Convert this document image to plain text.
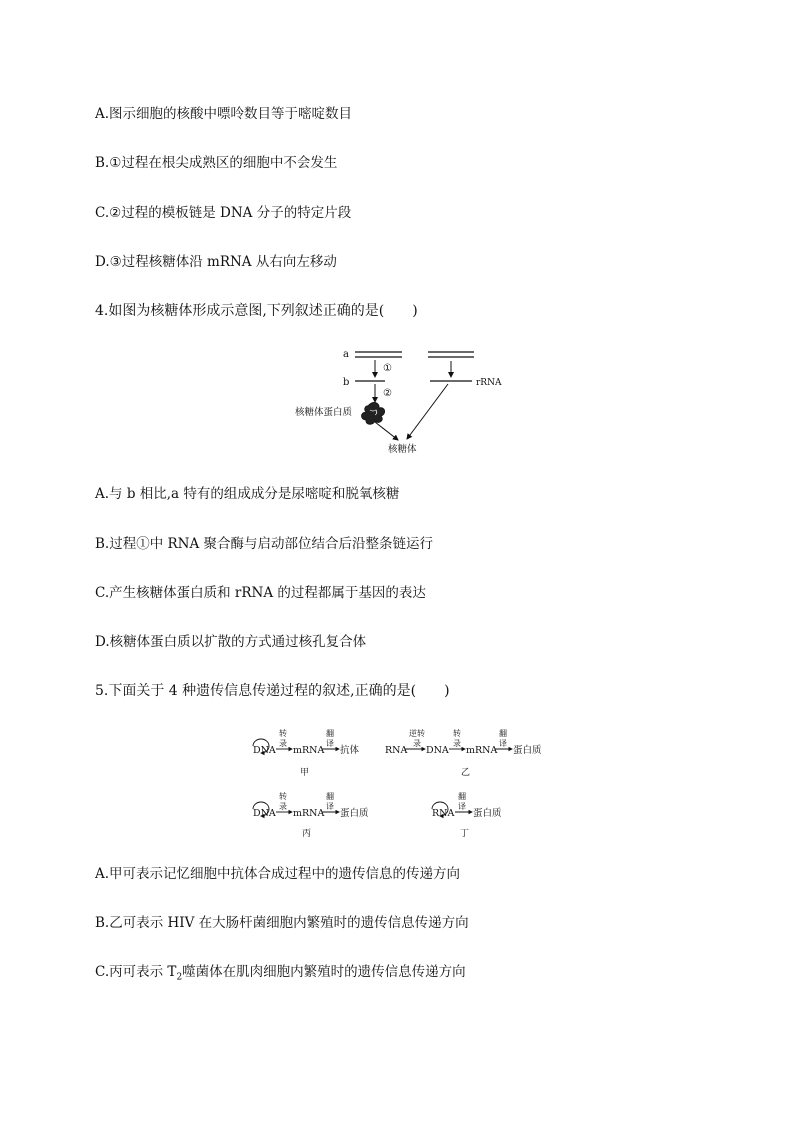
A.图示细胞的核酸中嘌呤数目等于嘧啶数目
B.①过程在根尖成熟区的细胞中不会发生
C.②过程的模板链是 DNA 分子的特定片段
D.③过程核糖体沿 mRNA 从右向左移动
4.如图为核糖体形成示意图,下列叙述正确的是(　　)
a
①
b	rRNA
②
核糖体蛋白质
核糖体
A.与 b 相比,a 特有的组成成分是尿嘧啶和脱氧核糖
B.过程①中 RNA 聚合酶与启动部位结合后沿整条链运行
C.产生核糖体蛋白质和 rRNA 的过程都属于基因的表达
D.核糖体蛋白质以扩散的方式通过核孔复合体
5.下面关于 4 种遗传信息传递过程的叙述,正确的是(　　)
DNA
转
录
mRNA
翻
译
抗体
甲
RNA
逆转
录
DNA
转
录
mRNA
翻
译
蛋白质
乙
DNA
转
录
mRNA
翻
译
蛋白质
丙
RNA
翻
译
蛋白质
丁
A.甲可表示记忆细胞中抗体合成过程中的遗传信息的传递方向
B.乙可表示 HIV 在大肠杆菌细胞内繁殖时的遗传信息传递方向
C.丙可表示 $T_2$噬菌体在肌肉细胞内繁殖时的遗传信息传递方向
